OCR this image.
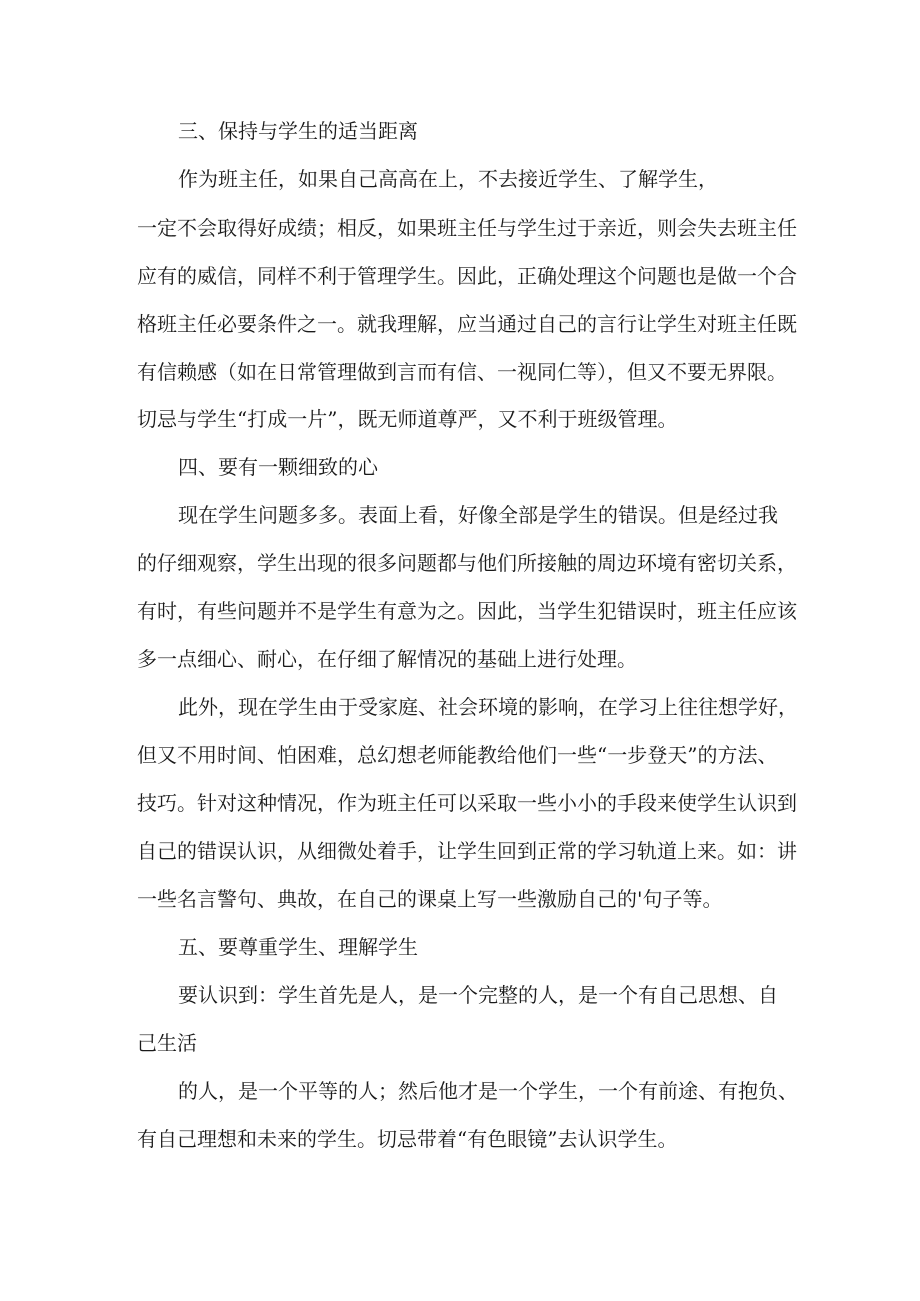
三、保持与学生的适当距离
作为班主任，如果自己高高在上，不去接近学生、了解学生，
一定不会取得好成绩；相反，如果班主任与学生过于亲近，则会失去班主任
应有的威信，同样不利于管理学生。因此，正确处理这个问题也是做一个合
格班主任必要条件之一。就我理解，应当通过自己的言行让学生对班主任既
有信赖感（如在日常管理做到言而有信、一视同仁等），但又不要无界限。
切忌与学生“打成一片”，既无师道尊严，又不利于班级管理。
四、要有一颗细致的心
现在学生问题多多。表面上看，好像全部是学生的错误。但是经过我
的仔细观察，学生出现的很多问题都与他们所接触的周边环境有密切关系，
有时，有些问题并不是学生有意为之。因此，当学生犯错误时，班主任应该
多一点细心、耐心，在仔细了解情况的基础上进行处理。
此外，现在学生由于受家庭、社会环境的影响，在学习上往往想学好，
但又不用时间、怕困难，总幻想老师能教给他们一些“一步登天”的方法、
技巧。针对这种情况，作为班主任可以采取一些小小的手段来使学生认识到
自己的错误认识，从细微处着手，让学生回到正常的学习轨道上来。如：讲
一些名言警句、典故，在自己的课桌上写一些激励自己的'句子等。
五、要尊重学生、理解学生
要认识到：学生首先是人，是一个完整的人，是一个有自己思想、自
己生活
的人，是一个平等的人；然后他才是一个学生，一个有前途、有抱负、
有自己理想和未来的学生。切忌带着“有色眼镜”去认识学生。
